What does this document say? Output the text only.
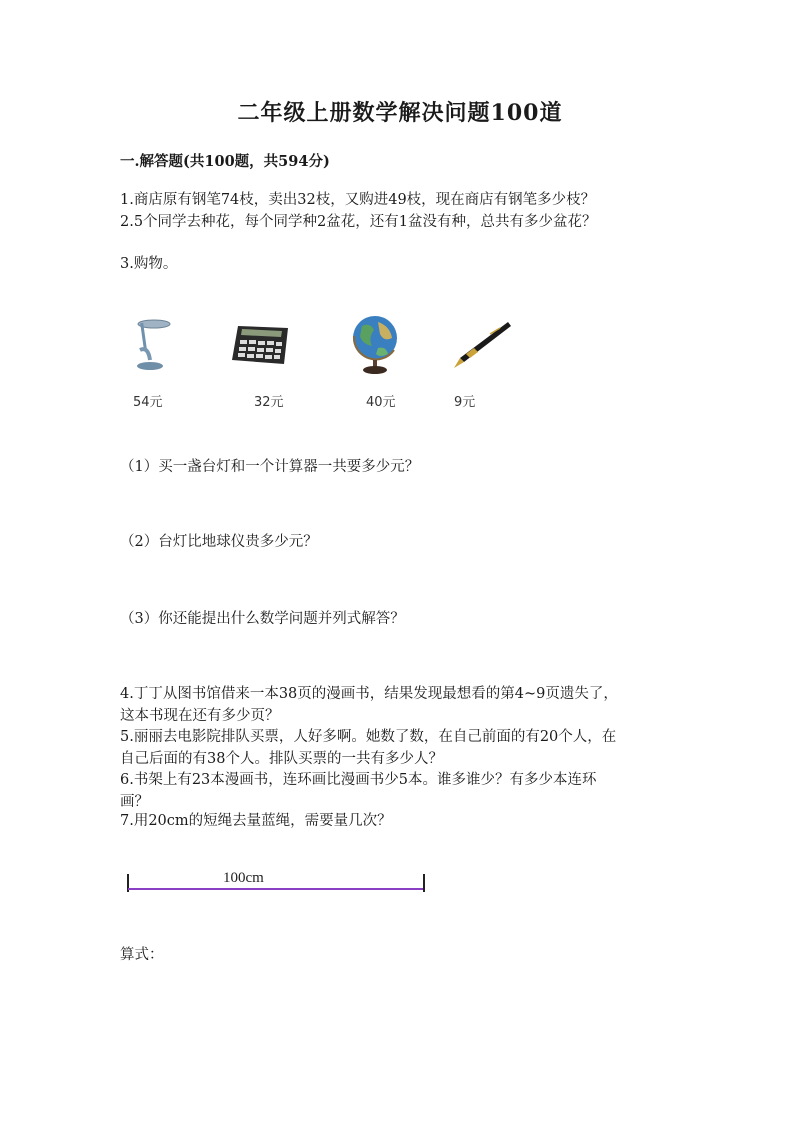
二年级上册数学解决问题100道
一.解答题(共100题，共594分)
1.商店原有钢笔74枝，卖出32枝，又购进49枝，现在商店有钢笔多少枝？
2.5个同学去种花，每个同学种2盆花，还有1盆没有种，总共有多少盆花？
3.购物。
54元	32元	40元	9元
（1）买一盏台灯和一个计算器一共要多少元？
（2）台灯比地球仪贵多少元？
（3）你还能提出什么数学问题并列式解答？
4.丁丁从图书馆借来一本38页的漫画书，结果发现最想看的第4~9页遗失了，
这本书现在还有多少页？
5.丽丽去电影院排队买票，人好多啊。她数了数，在自己前面的有20个人，在
自己后面的有38个人。排队买票的一共有多少人？
6.书架上有23本漫画书，连环画比漫画书少5本。谁多谁少？有多少本连环
画？
7.用20cm的短绳去量蓝绳，需要量几次？
100cm
算式：
